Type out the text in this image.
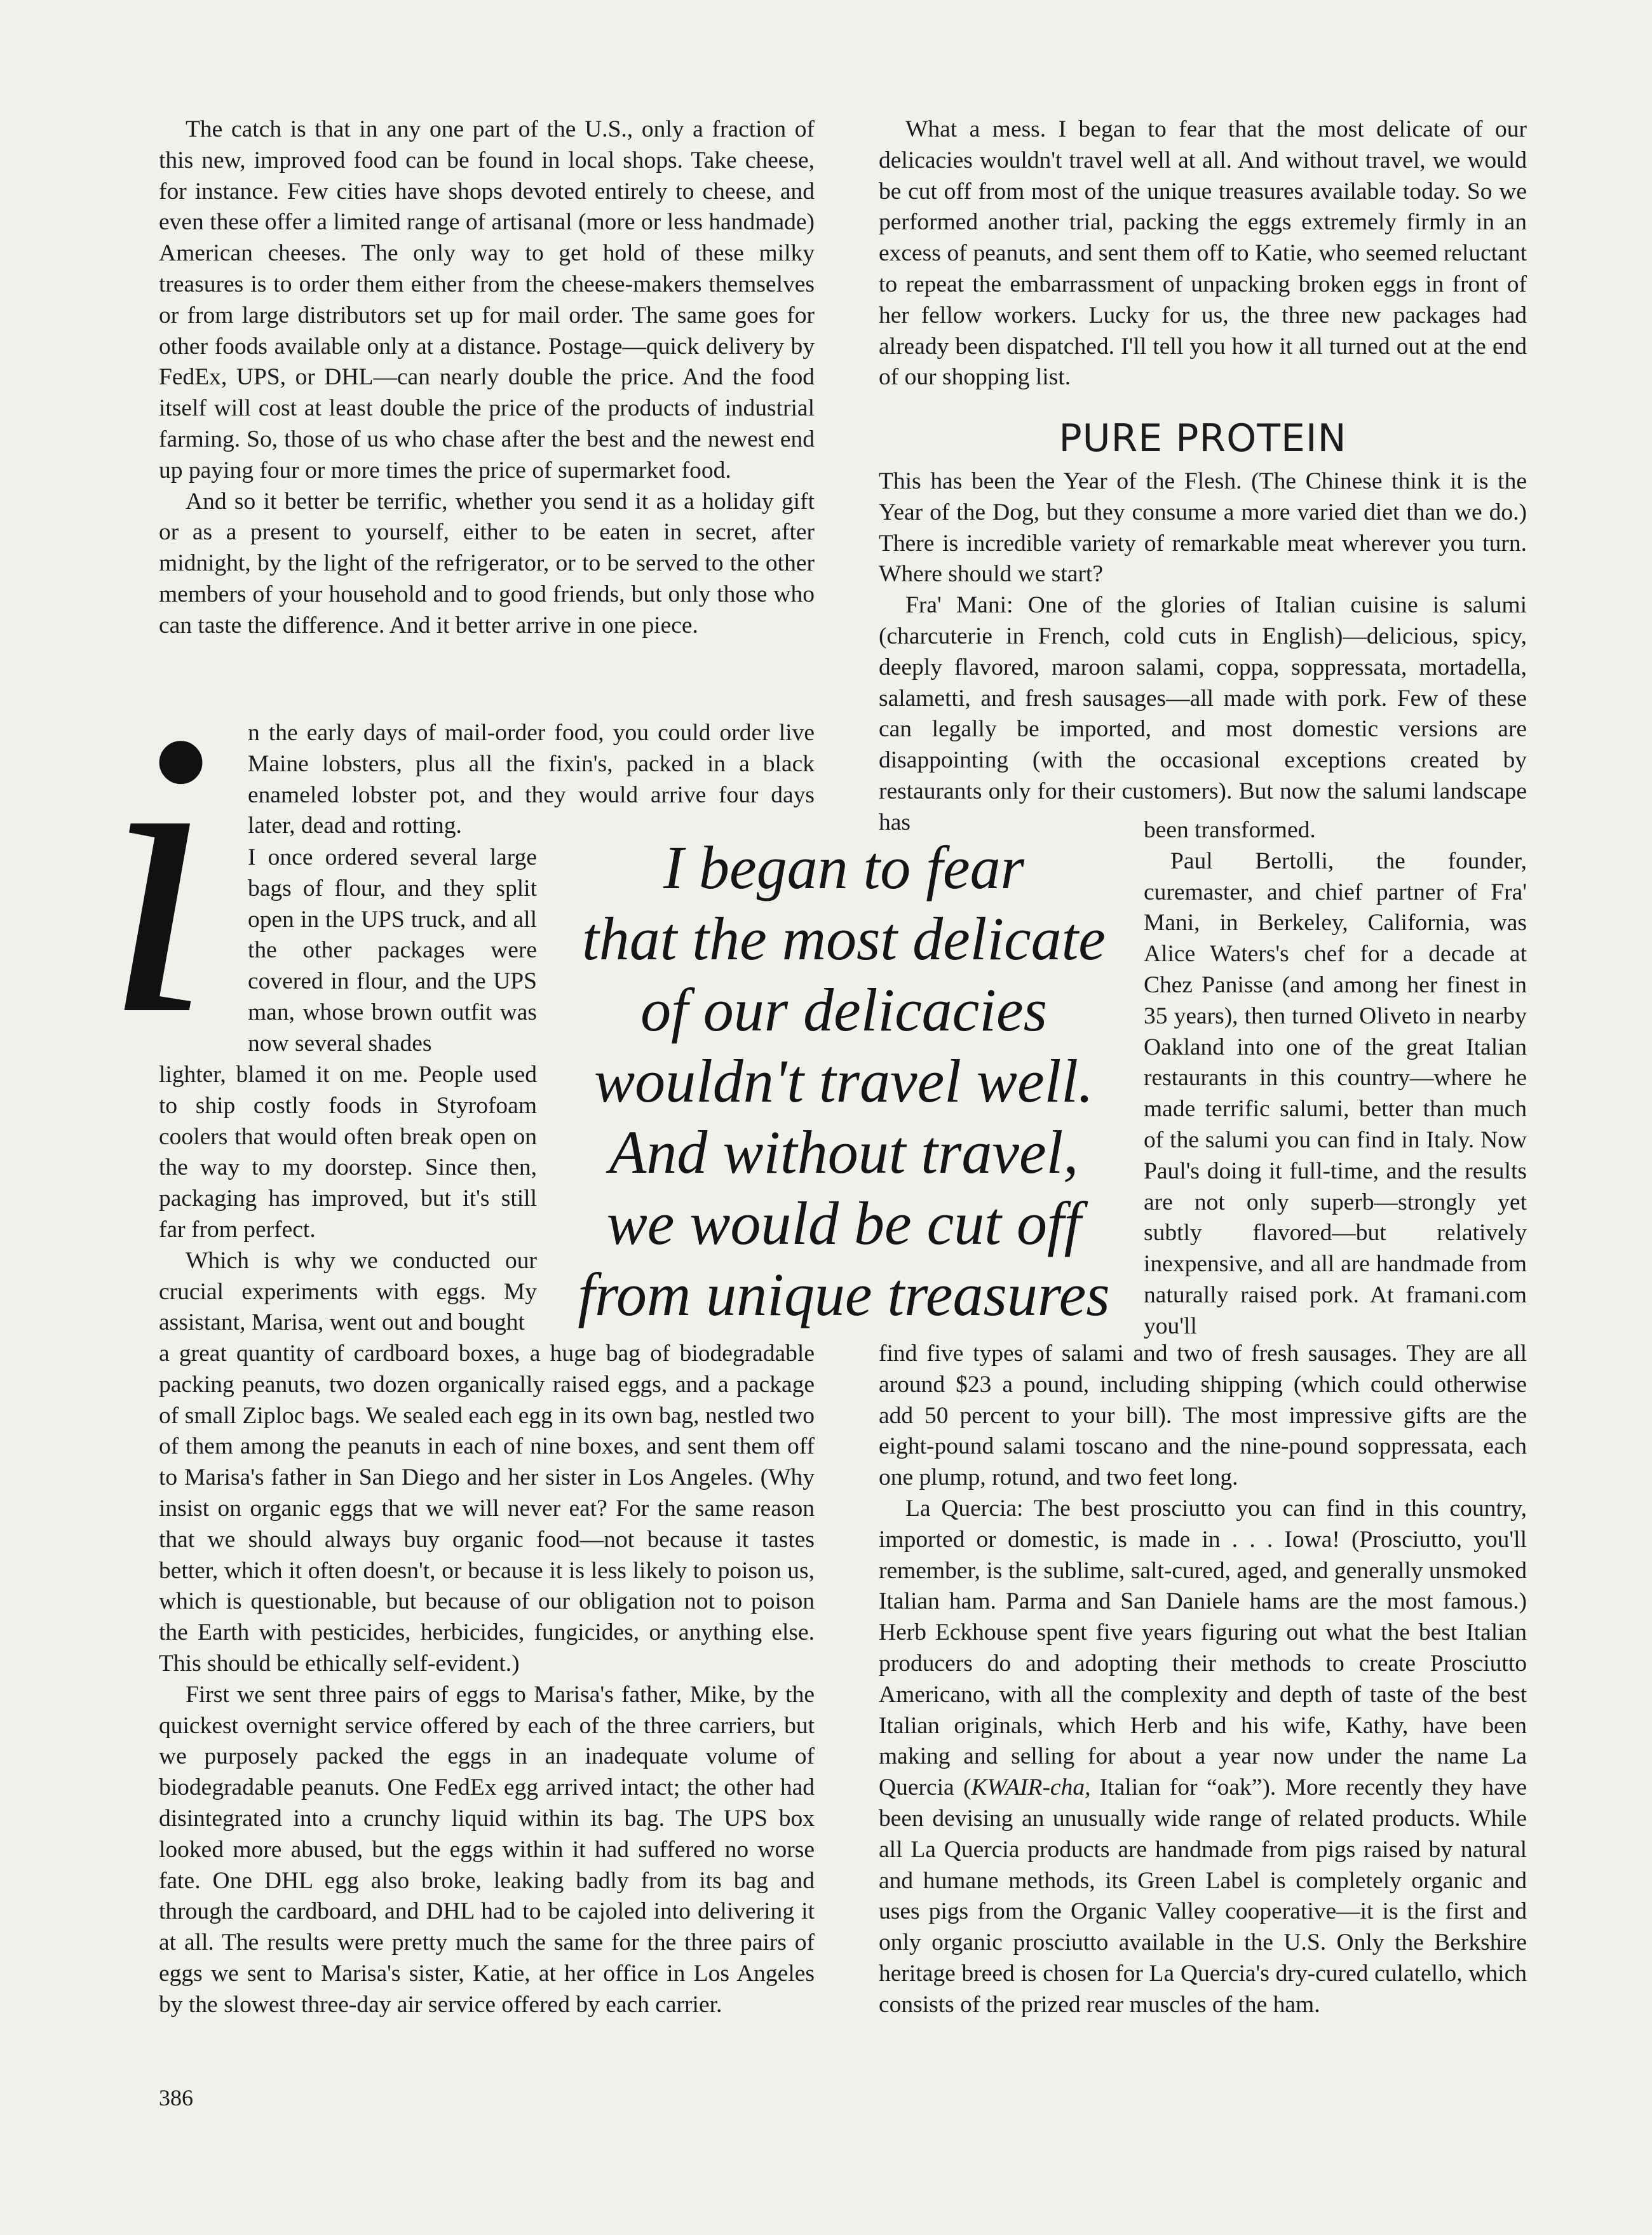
The catch is that in any one part of the U.S., only a fraction of this new, improved food can be found in local shops. Take cheese, for instance. Few cities have shops devoted entirely to cheese, and even these offer a limited range of artisanal (more or less handmade) American cheeses. The only way to get hold of these milky treasures is to order them either from the cheese-makers themselves or from large distributors set up for mail order. The same goes for other foods available only at a distance. Postage—quick delivery by FedEx, UPS, or DHL—can nearly double the price. And the food itself will cost at least double the price of the products of industrial farming. So, those of us who chase after the best and the newest end up paying four or more times the price of supermarket food.

And so it better be terrific, whether you send it as a holiday gift or as a present to yourself, either to be eaten in secret, after midnight, by the light of the refrigerator, or to be served to the other members of your household and to good friends, but only those who can taste the difference. And it better arrive in one piece.

i n the early days of mail-order food, you could order live Maine lobsters, plus all the fixin's, packed in a black enameled lobster pot, and they would arrive four days later, dead and rotting.

I once ordered several large bags of flour, and they split open in the UPS truck, and all the other packages were covered in flour, and the UPS man, whose brown outfit was now several shades

lighter, blamed it on me. People used to ship costly foods in Styrofoam coolers that would often break open on the way to my doorstep. Since then, packaging has improved, but it's still far from perfect.

Which is why we conducted our crucial experiments with eggs. My assistant, Marisa, went out and bought

a great quantity of cardboard boxes, a huge bag of biodegradable packing peanuts, two dozen organically raised eggs, and a package of small Ziploc bags. We sealed each egg in its own bag, nestled two of them among the peanuts in each of nine boxes, and sent them off to Marisa's father in San Diego and her sister in Los Angeles. (Why insist on organic eggs that we will never eat? For the same reason that we should always buy organic food—not because it tastes better, which it often doesn't, or because it is less likely to poison us, which is questionable, but because of our obligation not to poison the Earth with pesticides, herbicides, fungicides, or anything else. This should be ethically self-evident.)

First we sent three pairs of eggs to Marisa's father, Mike, by the quickest overnight service offered by each of the three carriers, but we purposely packed the eggs in an inadequate volume of biodegradable peanuts. One FedEx egg arrived intact; the other had disintegrated into a crunchy liquid within its bag. The UPS box looked more abused, but the eggs within it had suffered no worse fate. One DHL egg also broke, leaking badly from its bag and through the cardboard, and DHL had to be cajoled into delivering it at all. The results were pretty much the same for the three pairs of eggs we sent to Marisa's sister, Katie, at her office in Los Angeles by the slowest three-day air service offered by each carrier.

I began to fear
that the most delicate
of our delicacies
wouldn't travel well.
And without travel,
we would be cut off
from unique treasures

What a mess. I began to fear that the most delicate of our delicacies wouldn't travel well at all. And without travel, we would be cut off from most of the unique treasures available today. So we performed another trial, packing the eggs extremely firmly in an excess of peanuts, and sent them off to Katie, who seemed reluctant to repeat the embarrassment of unpacking broken eggs in front of her fellow workers. Lucky for us, the three new packages had already been dispatched. I'll tell you how it all turned out at the end of our shopping list.

PURE PROTEIN

This has been the Year of the Flesh. (The Chinese think it is the Year of the Dog, but they consume a more varied diet than we do.) There is incredible variety of remarkable meat wherever you turn. Where should we start?

Fra' Mani: One of the glories of Italian cuisine is salumi (charcuterie in French, cold cuts in English)—delicious, spicy, deeply flavored, maroon salami, coppa, soppressata, mortadella, salametti, and fresh sausages—all made with pork. Few of these can legally be imported, and most domestic versions are disappointing (with the occasional exceptions created by restaurants only for their customers). But now the salumi landscape has	been transformed.

Paul Bertolli, the founder, curemaster, and chief partner of Fra' Mani, in Berkeley, California, was Alice Waters's chef for a decade at Chez Panisse (and among her finest in 35 years), then turned Oliveto in nearby Oakland into one of the great Italian restaurants in this country—where he made terrific salumi, better than much of the salumi you can find in Italy. Now Paul's doing it full-time, and the results are not only superb—strongly yet subtly flavored—but relatively inexpensive, and all are handmade from naturally raised pork. At framani.com you'll

find five types of salami and two of fresh sausages. They are all around $23 a pound, including shipping (which could otherwise add 50 percent to your bill). The most impressive gifts are the eight-pound salami toscano and the nine-pound soppressata, each one plump, rotund, and two feet long.

La Quercia: The best prosciutto you can find in this country, imported or domestic, is made in . . . Iowa! (Prosciutto, you'll remember, is the sublime, salt-cured, aged, and generally unsmoked Italian ham. Parma and San Daniele hams are the most famous.) Herb Eckhouse spent five years figuring out what the best Italian producers do and adopting their methods to create Prosciutto Americano, with all the complexity and depth of taste of the best Italian originals, which Herb and his wife, Kathy, have been making and selling for about a year now under the name La Quercia (KWAIR-cha, Italian for “oak”). More recently they have been devising an unusually wide range of related products. While all La Quercia products are handmade from pigs raised by natural and humane methods, its Green Label is completely organic and uses pigs from the Organic Valley cooperative—it is the first and only organic prosciutto available in the U.S. Only the Berkshire heritage breed is chosen for La Quercia's dry-cured culatello, which consists of the prized rear muscles of the ham.

386
